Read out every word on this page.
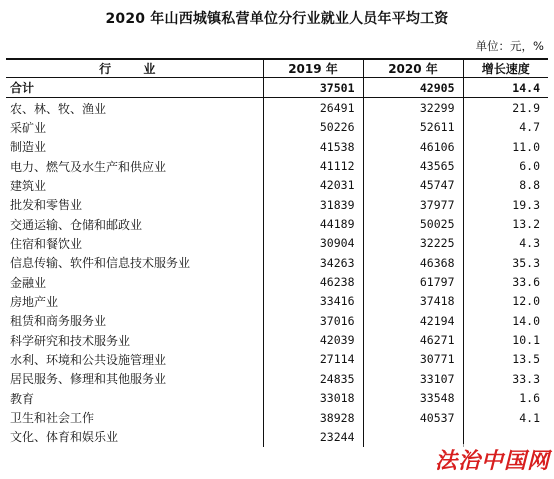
2020 年山西城镇私营单位分行业就业人员年平均工资
单位：元，%
行 业	2019 年	2020 年	增长速度
合计	37501	42905	14.4
农、林、牧、渔业	26491	32299	21.9
采矿业	50226	52611	4.7
制造业	41538	46106	11.0
电力、燃气及水生产和供应业	41112	43565	6.0
建筑业	42031	45747	8.8
批发和零售业	31839	37977	19.3
交通运输、仓储和邮政业	44189	50025	13.2
住宿和餐饮业	30904	32225	4.3
信息传输、软件和信息技术服务业	34263	46368	35.3
金融业	46238	61797	33.6
房地产业	33416	37418	12.0
租赁和商务服务业	37016	42194	14.0
科学研究和技术服务业	42039	46271	10.1
水利、环境和公共设施管理业	27114	30771	13.5
居民服务、修理和其他服务业	24835	33107	33.3
教育	33018	33548	1.6
卫生和社会工作	38928	40537	4.1
文化、体育和娱乐业	23244		
法治中国网
